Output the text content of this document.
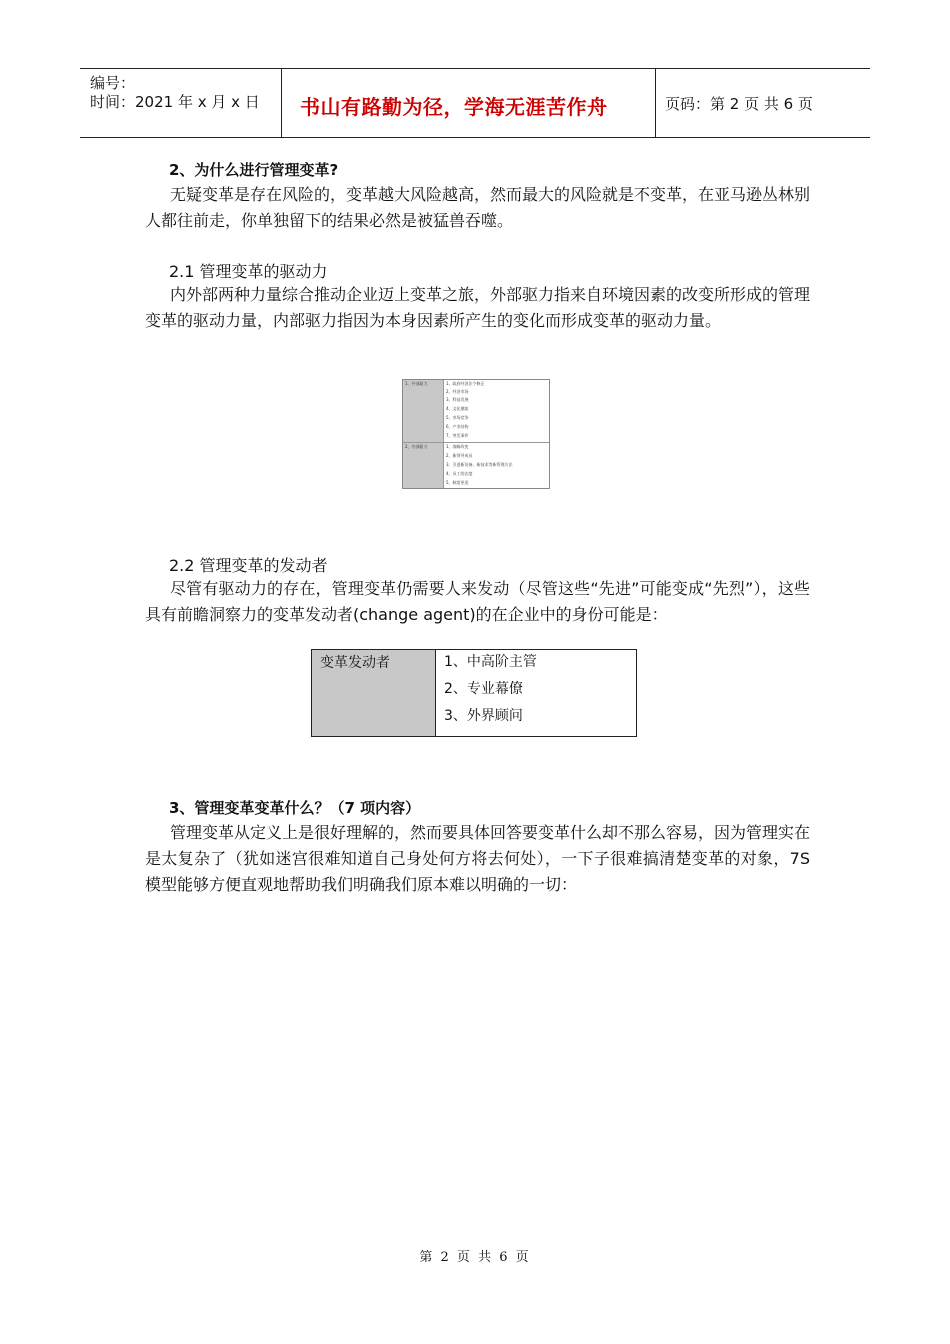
编号：
时间：2021 年 x 月 x 日 书山有路勤为径，学海无涯苦作舟	页码：第 2 页 共 6 页
2、为什么进行管理变革?
无疑变革是存在风险的，变革越大风险越高，然而最大的风险就是不变革，在亚马逊丛林别人都往前走，你单独留下的结果必然是被猛兽吞噬。
2.1 管理变革的驱动力
内外部两种力量综合推动企业迈上变革之旅，外部驱力指来自环境因素的改变所形成的管理变革的驱动力量，内部驱力指因为本身因素所产生的变化而形成变革的驱动力量。
1、外部驱力	1、政府经济法令修正
2、经济市场
3、科技发展
4、文化潮流
5、市场竞争
6、产业结构
7、突发事件
2、内部驱力	1、战略改变
2、新领导成员
3、引进新设备、新技术等新管理方法
4、员工的态度
5、制度更迭
2.2 管理变革的发动者
尽管有驱动力的存在，管理变革仍需要人来发动（尽管这些“先进”可能变成“先烈”），这些具有前瞻洞察力的变革发动者(change agent)的在企业中的身份可能是：
变革发动者	1、中高阶主管
2、专业幕僚
3、外界顾问
3、管理变革变革什么？（7 项内容）
管理变革从定义上是很好理解的，然而要具体回答要变革什么却不那么容易，因为管理实在是太复杂了（犹如迷宫很难知道自己身处何方将去何处），一下子很难搞清楚变革的对象，7S 模型能够方便直观地帮助我们明确我们原本难以明确的一切：
第 2 页 共 6 页
